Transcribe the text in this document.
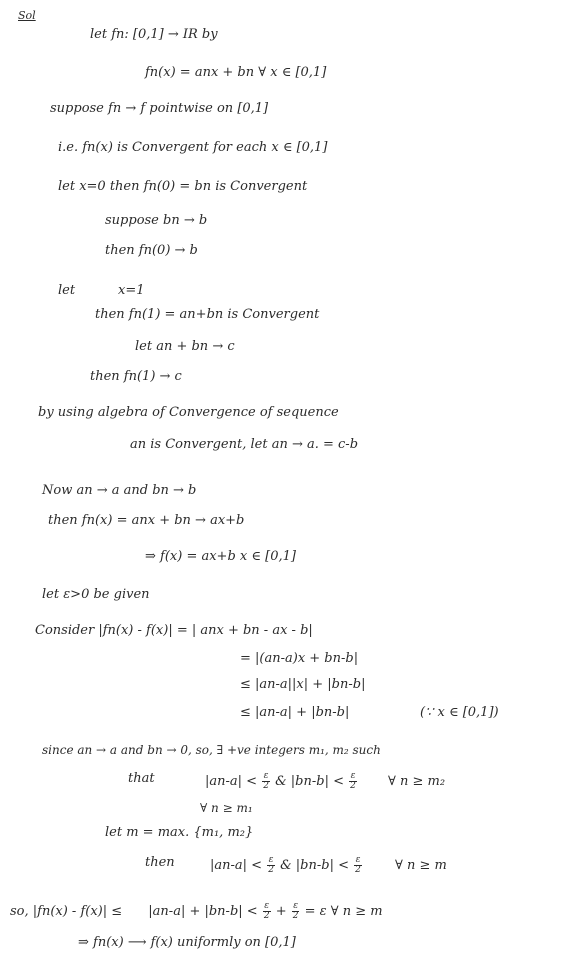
Sol
let fn: [0,1] → IR by
fn(x) = anx + bn ∀ x ∈ [0,1]
suppose fn → f pointwise on [0,1]
i.e. fn(x) is Convergent for each x ∈ [0,1]
let x=0 then fn(0) = bn is Convergent
suppose bn → b
then fn(0) → b
let	x=1
then fn(1) = an+bn is Convergent
let an + bn → c
then fn(1) → c
by using algebra of Convergence of sequence
an is Convergent, let an → a. = c-b
Now an → a and bn → b
then fn(x) = anx + bn → ax+b
⇒ f(x) = ax+b x ∈ [0,1]
let ε>0 be given
Consider |fn(x) - f(x)| = | anx + bn - ax - b|
= |(an-a)x + bn-b|
≤ |an-a||x| + |bn-b|
≤ |an-a| + |bn-b|	(∵ x ∈ [0,1])
since an → a and bn → 0, so, ∃ +ve integers m₁, m₂ such
that	$|an-a| < \frac{\varepsilon}{2}$ & $|bn-b| < \frac{\varepsilon}{2}$ ∀ n ≥ m₂
∀ n ≥ m₁
let m = max. {m₁, m₂}
then	$|an-a| < \frac{\varepsilon}{2}$ & $|bn-b| < \frac{\varepsilon}{2}$	∀ n ≥ m
so, $|fn(x) - f(x)| \le |an-a| + |bn-b| < \frac{\varepsilon}{2} + \frac{\varepsilon}{2} = \varepsilon$ ∀ n ≥ m
⇒ fn(x) ⟶ f(x) uniformly on [0,1]
